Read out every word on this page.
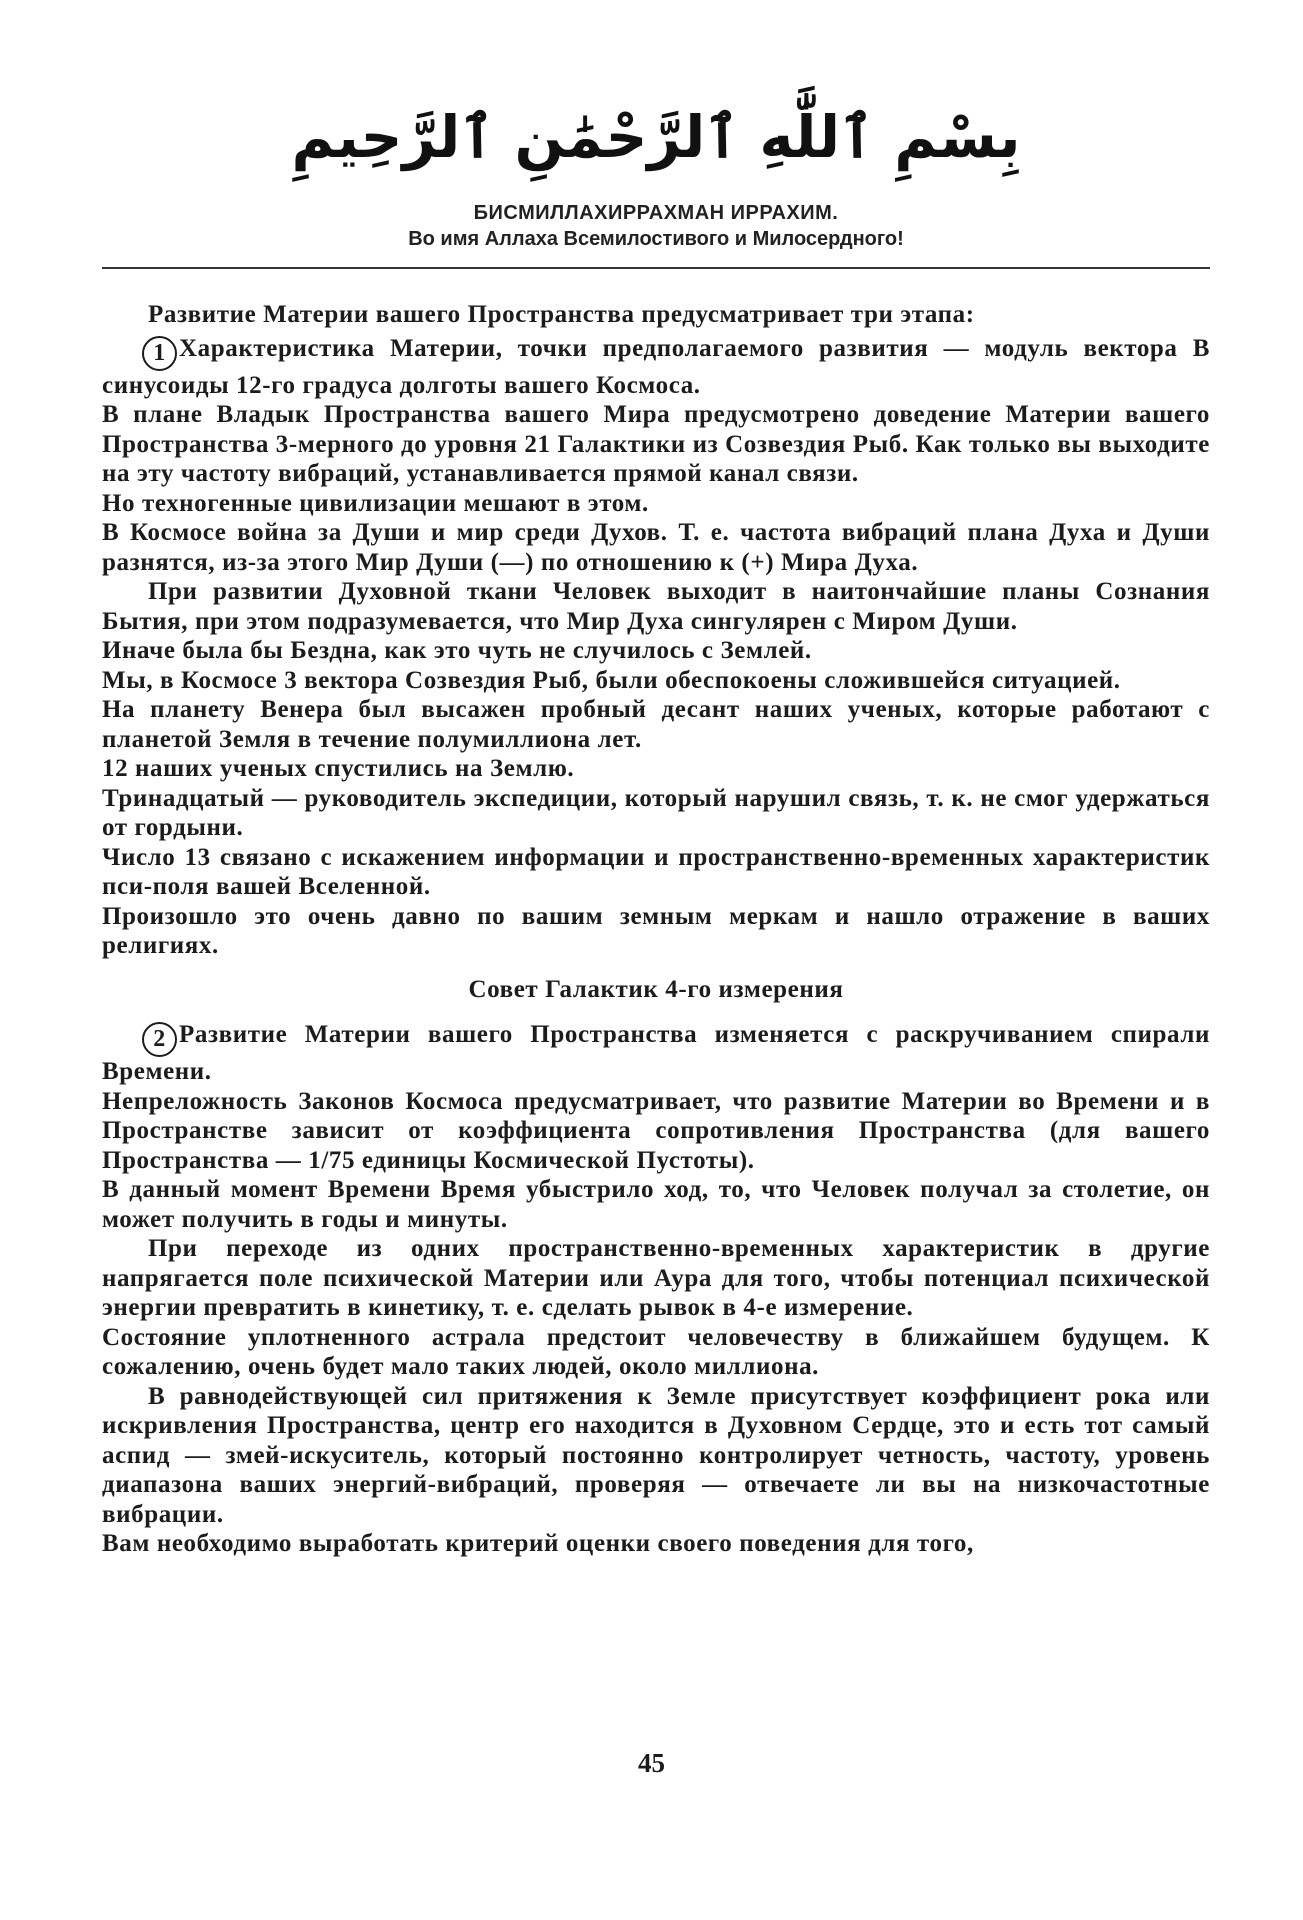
بِسْمِ ٱللَّٰهِ ٱلرَّحْمَٰنِ ٱلرَّحِيمِ
БИСМИЛЛАХИРРАХМАН ИРРАХИМ.
Во имя Аллаха Всемилостивого и Милосердного!

Развитие Материи вашего Пространства предусматривает три этапа:

1 Характеристика Материи, точки предполагаемого развития — модуль вектора В синусоиды 12-го градуса долготы вашего Космоса.

В плане Владык Пространства вашего Мира предусмотрено доведение Материи вашего Пространства 3-мерного до уровня 21 Галактики из Созвездия Рыб. Как только вы выходите на эту частоту вибраций, устанавливается прямой канал связи.

Но техногенные цивилизации мешают в этом.

В Космосе война за Души и мир среди Духов. Т. е. частота вибраций плана Духа и Души разнятся, из-за этого Мир Души (—) по отношению к (+) Мира Духа.

При развитии Духовной ткани Человек выходит в наитончайшие планы Сознания Бытия, при этом подразумевается, что Мир Духа сингулярен с Миром Души.

Иначе была бы Бездна, как это чуть не случилось с Землей.

Мы, в Космосе 3 вектора Созвездия Рыб, были обеспокоены сложившейся ситуацией.

На планету Венера был высажен пробный десант наших ученых, которые работают с планетой Земля в течение полумиллиона лет.

12 наших ученых спустились на Землю.

Тринадцатый — руководитель экспедиции, который нарушил связь, т. к. не смог удержаться от гордыни.

Число 13 связано с искажением информации и пространственно-временных характеристик пси-поля вашей Вселенной.

Произошло это очень давно по вашим земным меркам и нашло отражение в ваших религиях.

Совет Галактик 4-го измерения

2 Развитие Материи вашего Пространства изменяется с раскручиванием спирали Времени.

Непреложность Законов Космоса предусматривает, что развитие Материи во Времени и в Пространстве зависит от коэффициента сопротивления Пространства (для вашего Пространства — 1/75 единицы Космической Пустоты).

В данный момент Времени Время убыстрило ход, то, что Человек получал за столетие, он может получить в годы и минуты.

При переходе из одних пространственно-временных характеристик в другие напрягается поле психической Материи или Аура для того, чтобы потенциал психической энергии превратить в кинетику, т. е. сделать рывок в 4-е измерение.

Состояние уплотненного астрала предстоит человечеству в ближайшем будущем. К сожалению, очень будет мало таких людей, около миллиона.

В равнодействующей сил притяжения к Земле присутствует коэффициент рока или искривления Пространства, центр его находится в Духовном Сердце, это и есть тот самый аспид — змей-искуситель, который постоянно контролирует четность, частоту, уровень диапазона ваших энергий-вибраций, проверяя — отвечаете ли вы на низкочастотные вибрации.

Вам необходимо выработать критерий оценки своего поведения для того,

45
